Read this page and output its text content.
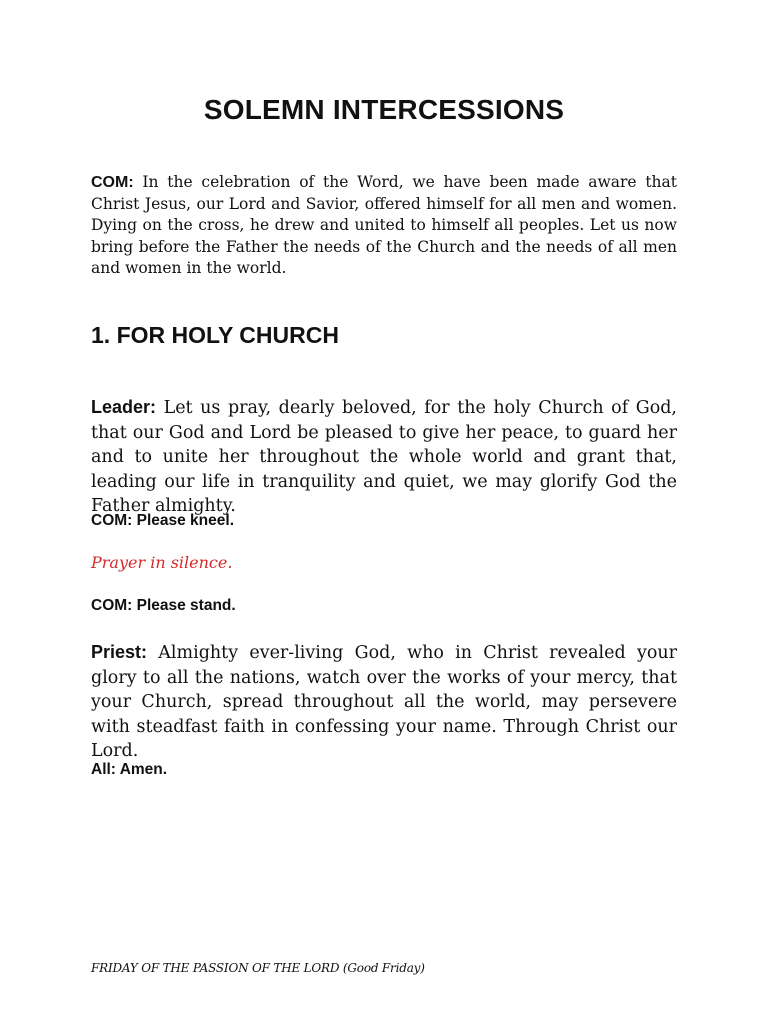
SOLEMN INTERCESSIONS
COM: In the celebration of the Word, we have been made aware that Christ Jesus, our Lord and Savior, offered himself for all men and women. Dying on the cross, he drew and united to himself all peoples. Let us now bring before the Father the needs of the Church and the needs of all men and women in the world.
1. FOR HOLY CHURCH
Leader: Let us pray, dearly beloved, for the holy Church of God, that our God and Lord be pleased to give her peace, to guard her and to unite her throughout the whole world and grant that, leading our life in tranquility and quiet, we may glorify God the Father almighty.
COM: Please kneel.
Prayer in silence.
COM: Please stand.
Priest: Almighty ever-living God, who in Christ revealed your glory to all the nations, watch over the works of your mercy, that your Church, spread throughout all the world, may persevere with steadfast faith in confessing your name. Through Christ our Lord.
All: Amen.
FRIDAY OF THE PASSION OF THE LORD (Good Friday)
